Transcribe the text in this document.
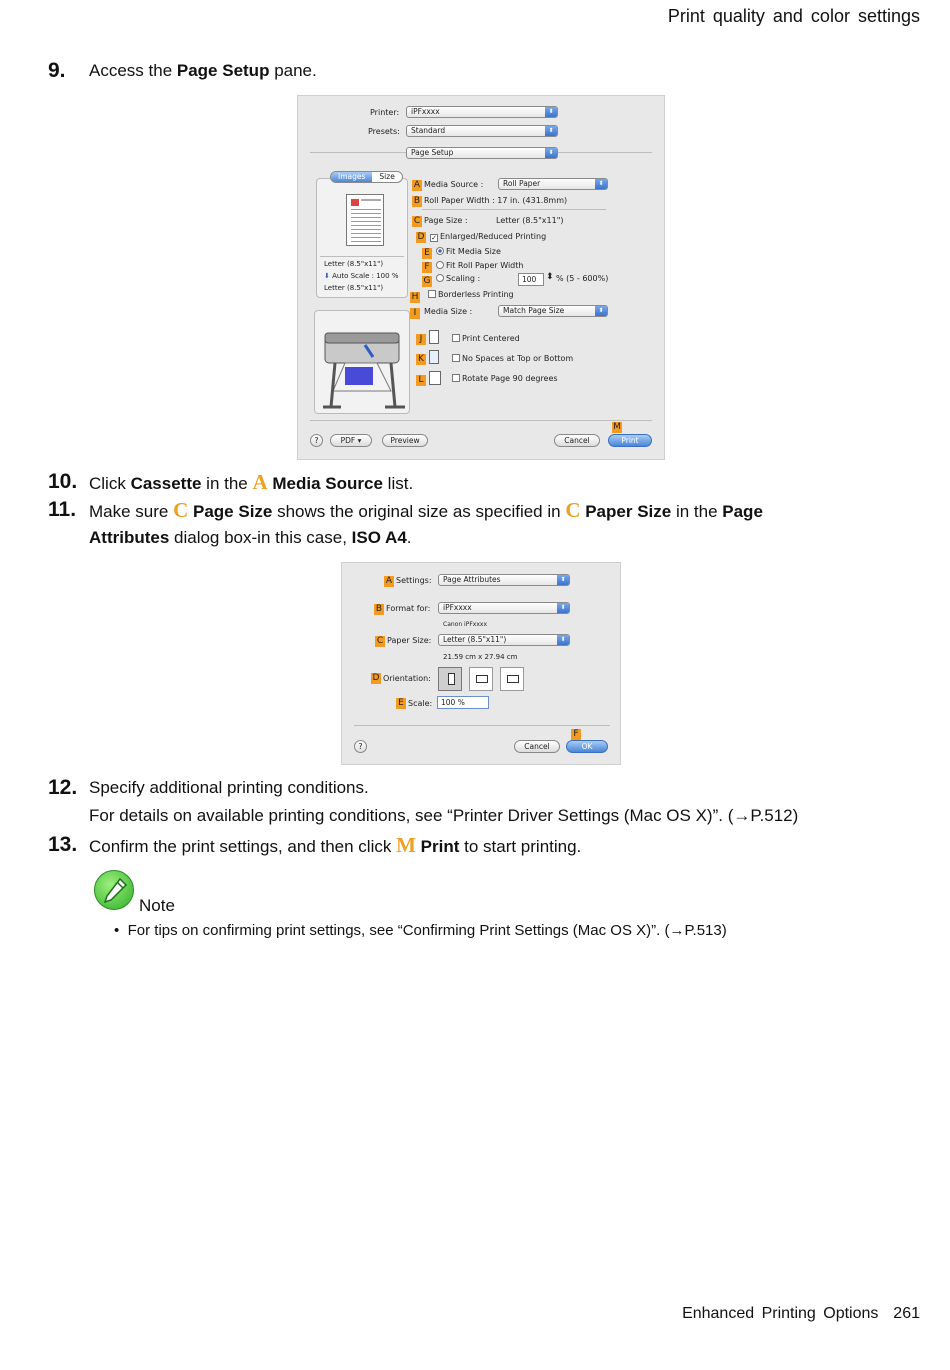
Print quality and color settings
9. Access the Page Setup pane.
Printer:	iPFxxxx	⬍
Presets:	Standard	⬍
Page Setup	⬍
Images	Size
Letter (8.5"x11")
⬇ Auto Scale : 100 %
Letter (8.5"x11")
A Media Source :	Roll Paper	⬍
B Roll Paper Width : 17 in. (431.8mm)
C Page Size :	Letter (8.5"x11")
D ✓ Enlarged/Reduced Printing
E	Fit Media Size
F	Fit Roll Paper Width
G	Scaling :	100	⬍ % (5 - 600%)
H	Borderless Printing
I Media Size :	Match Page Size	⬍
J	Print Centered
K	No Spaces at Top or Bottom
L	Rotate Page 90 degrees
?	PDF ▾	Preview	Cancel
M
Print
10. Click Cassette in the A Media Source list.
11. Make sure C Page Size shows the original size as specified in C Paper Size in the Page
Attributes dialog box-in this case, ISO A4.
A Settings:	Page Attributes	⬍
B Format for:	iPFxxxx	⬍
Canon iPFxxxx
C Paper Size:	Letter (8.5"x11")	⬍
21.59 cm x 27.94 cm
D Orientation:
E Scale:	100 %
?	Cancel
F
OK
12. Specify additional printing conditions.
For details on available printing conditions, see “Printer Driver Settings (Mac OS X)”. (→P.512)
13. Confirm the print settings, and then click M Print to start printing.
Note
• For tips on confirming print settings, see “Confirming Print Settings (Mac OS X)”. (→P.513)
Enhanced Printing Options 261
